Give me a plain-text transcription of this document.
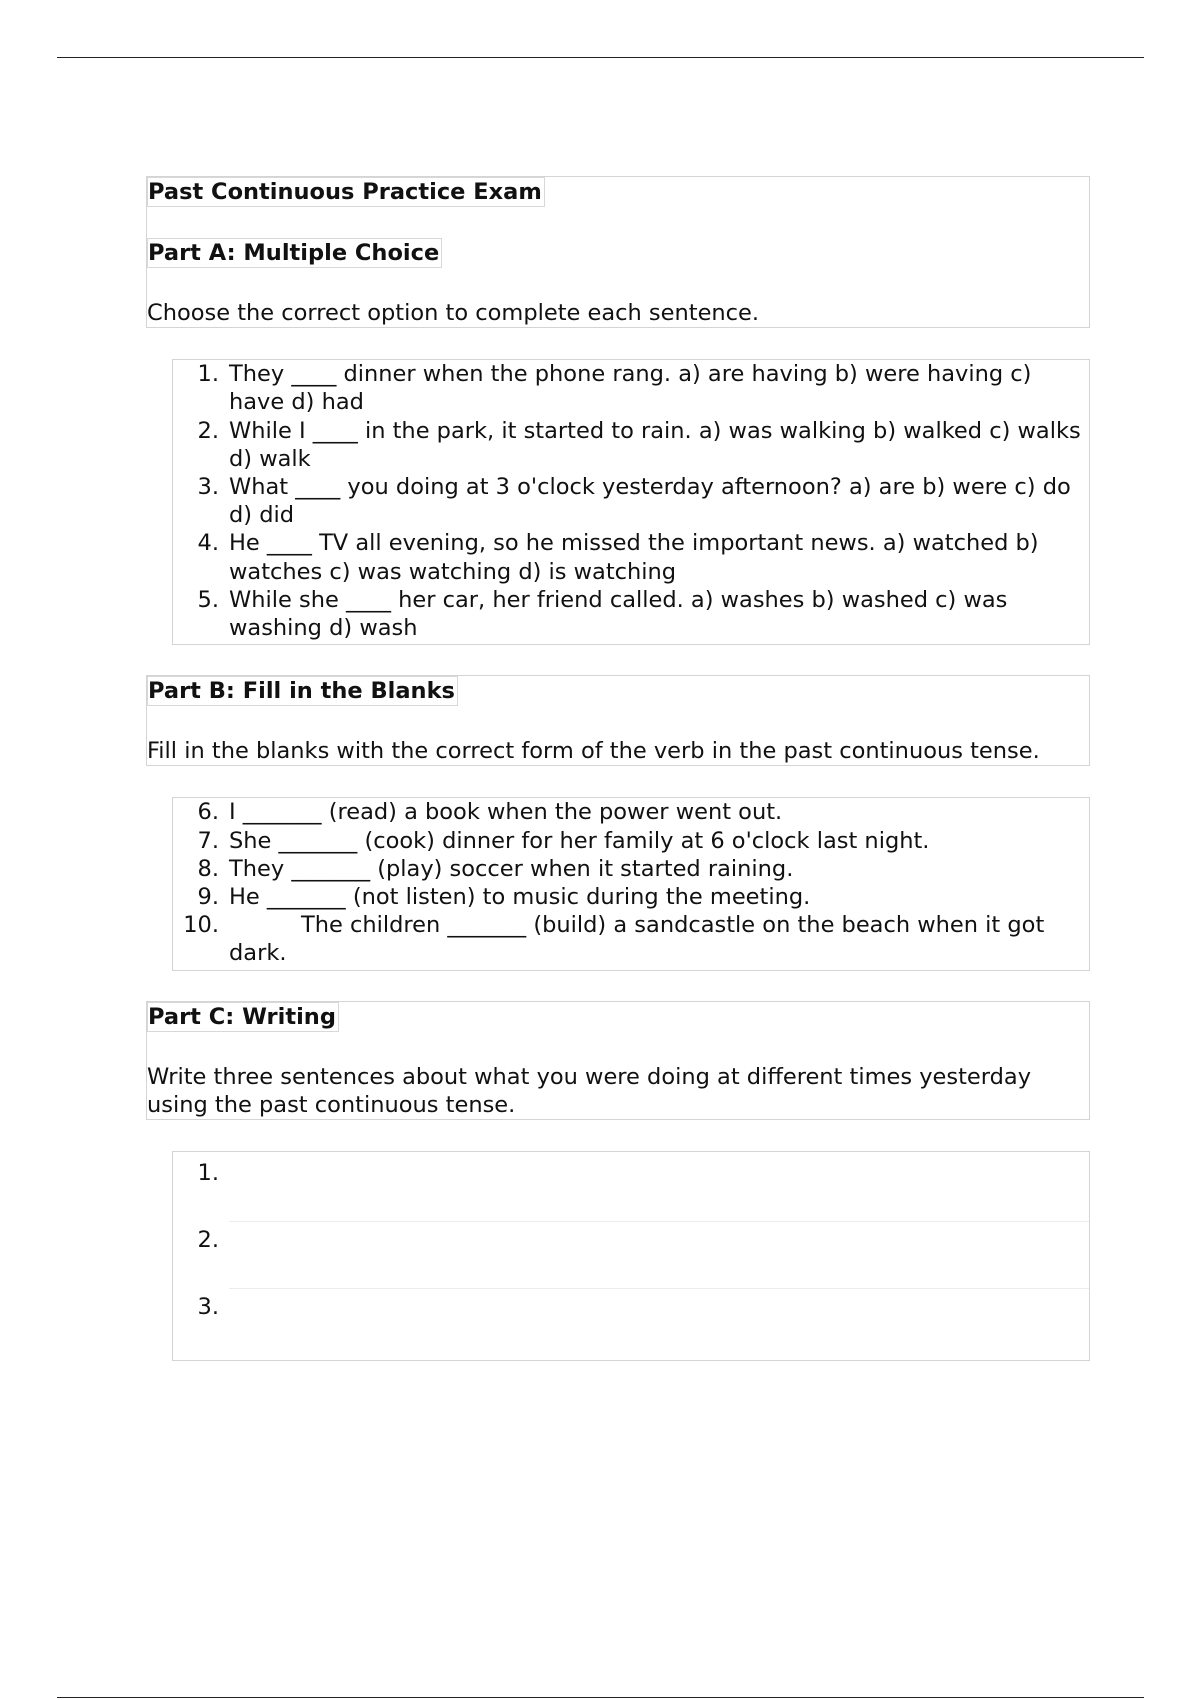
Past Continuous Practice Exam
Part A: Multiple Choice

Choose the correct option to complete each sentence.

1. They ____ dinner when the phone rang. a) are having b) were having c) have d) had
2. While I ____ in the park, it started to rain. a) was walking b) walked c) walks d) walk
3. What ____ you doing at 3 o'clock yesterday afternoon? a) are b) were c) do d) did
4. He ____ TV all evening, so he missed the important news. a) watched b) watches c) was watching d) is watching
5. While she ____ her car, her friend called. a) washes b) washed c) was washing d) wash
Part B: Fill in the Blanks

Fill in the blanks with the correct form of the verb in the past continuous tense.

6. I _______ (read) a book when the power went out.
7. She _______ (cook) dinner for her family at 6 o'clock last night.
8. They _______ (play) soccer when it started raining.
9. He _______ (not listen) to music during the meeting.
10.	The children _______ (build) a sandcastle on the beach when it got dark.
Part C: Writing

Write three sentences about what you were doing at different times yesterday using the past continuous tense.

1.
2.
3.
